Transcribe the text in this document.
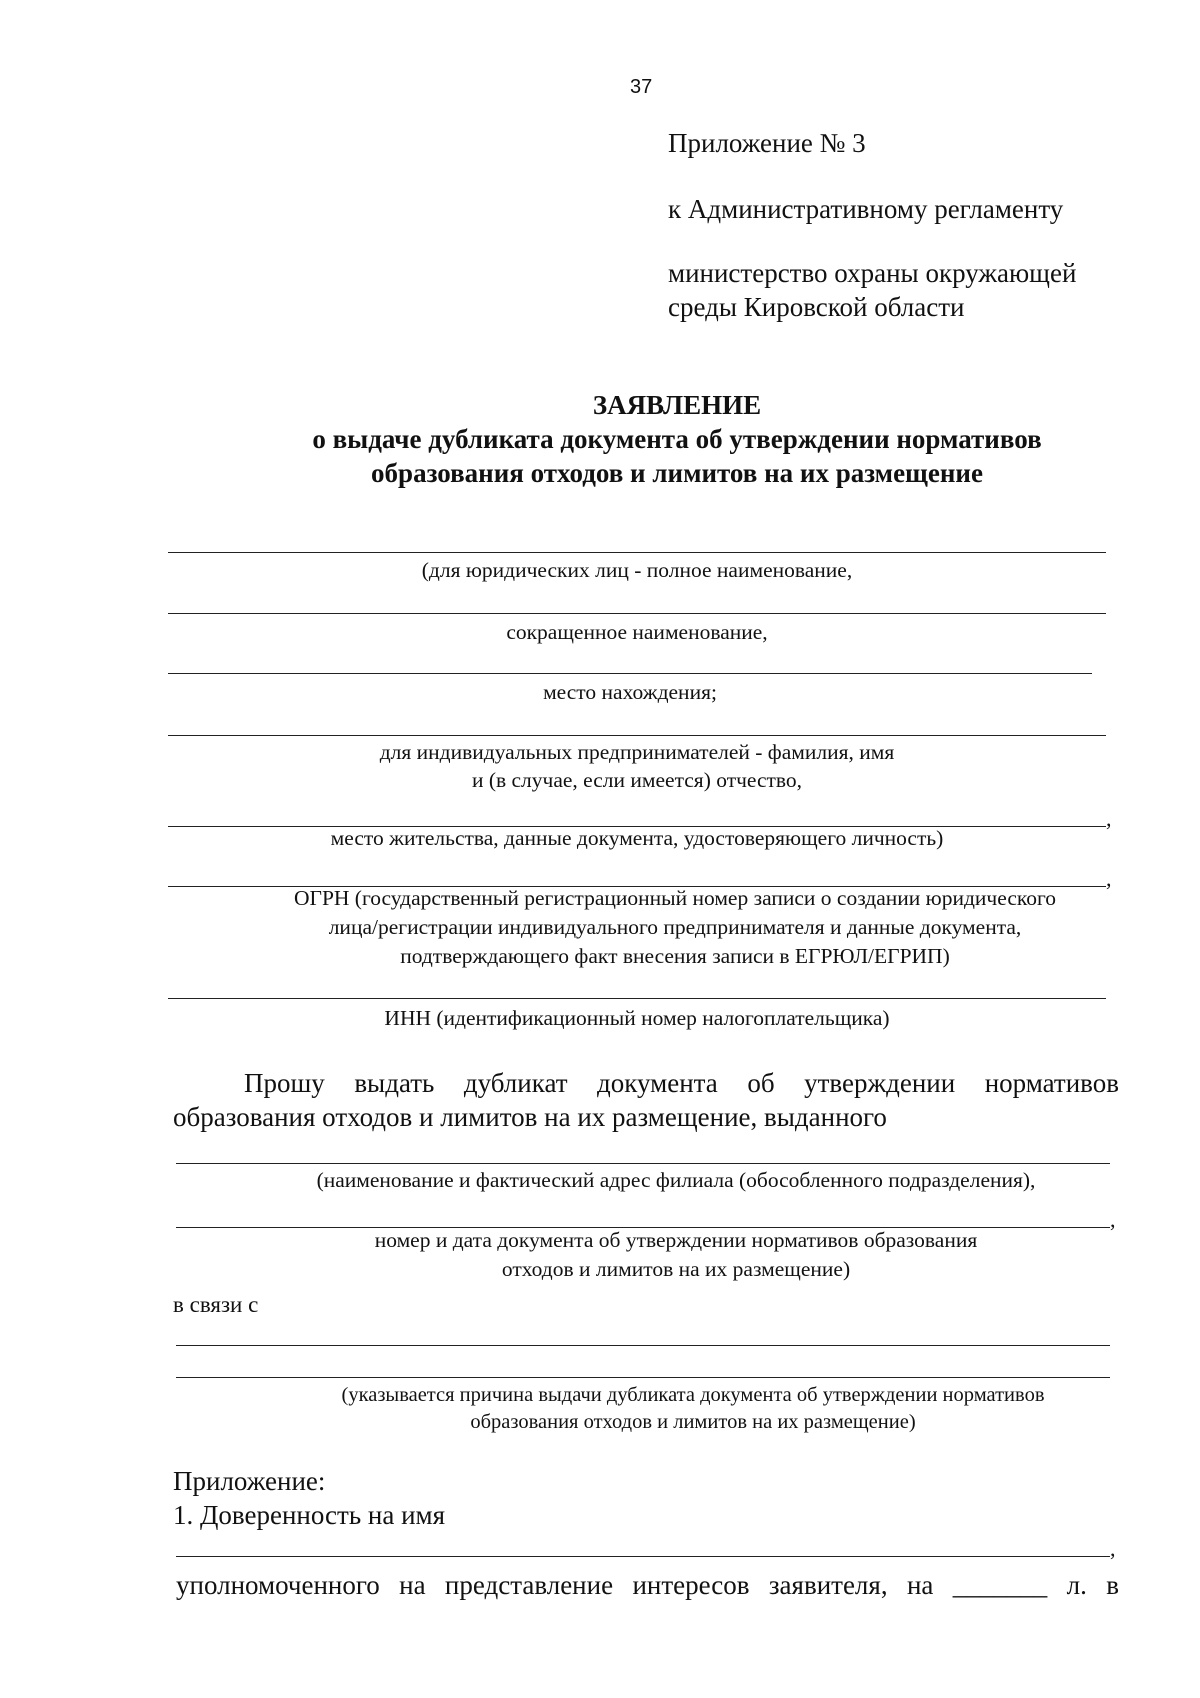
37
Приложение № 3
к Административному регламенту
министерство охраны окружающей
среды Кировской области
ЗАЯВЛЕНИЕ
о выдаче дубликата документа об утверждении нормативов
образования отходов и лимитов на их размещение
(для юридических лиц - полное наименование,
сокращенное наименование,
место нахождения;
для индивидуальных предпринимателей - фамилия, имя
и (в случае, если имеется) отчество,
,
место жительства, данные документа, удостоверяющего личность)
,
ОГРН (государственный регистрационный номер записи о создании юридического
лица/регистрации индивидуального предпринимателя и данные документа,
подтверждающего факт внесения записи в ЕГРЮЛ/ЕГРИП)
ИНН (идентификационный номер налогоплательщика)
Прошу выдать дубликат документа об утверждении нормативов
образования отходов и лимитов на их размещение, выданного
(наименование и фактический адрес филиала (обособленного подразделения),
,
номер и дата документа об утверждении нормативов образования
отходов и лимитов на их размещение)
в связи с
(указывается причина выдачи дубликата документа об утверждении нормативов
образования отходов и лимитов на их размещение)
Приложение:
1. Доверенность на имя
,
уполномоченного на представление интересов заявителя, на _______ л. в
